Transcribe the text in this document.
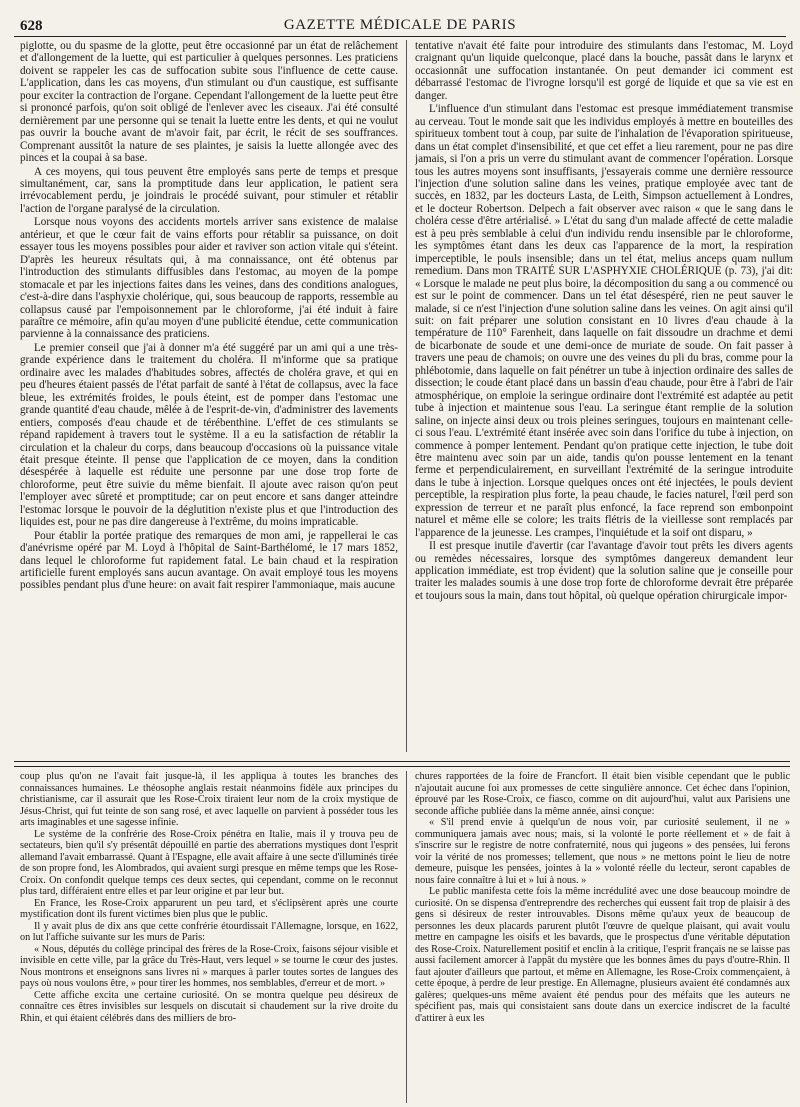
628	GAZETTE MÉDICALE DE PARIS

piglotte, ou du spasme de la glotte, peut être occasionné par un état de relâchement et d'allongement de la luette, qui est particulier à quelques personnes. Les praticiens doivent se rappeler les cas de suffocation subite sous l'influence de cette cause. L'application, dans les cas moyens, d'un stimulant ou d'un caustique, est suffisante pour exciter la contraction de l'organe. Cependant l'allongement de la luette peut être si prononcé parfois, qu'on soit obligé de l'enlever avec les ciseaux. J'ai été consulté dernièrement par une personne qui se tenait la luette entre les dents, et qui ne voulut pas ouvrir la bouche avant de m'avoir fait, par écrit, le récit de ses souffrances. Comprenant aussitôt la nature de ses plaintes, je saisis la luette allongée avec des pinces et la coupai à sa base.

A ces moyens, qui tous peuvent être employés sans perte de temps et presque simultanément, car, sans la promptitude dans leur application, le patient sera irrévocablement perdu, je joindrais le procédé suivant, pour stimuler et rétablir l'action de l'organe paralysé de la circulation.

Lorsque nous voyons des accidents mortels arriver sans existence de malaise antérieur, et que le cœur fait de vains efforts pour rétablir sa puissance, on doit essayer tous les moyens possibles pour aider et raviver son action vitale qui s'éteint. D'après les heureux résultats qui, à ma connaissance, ont été obtenus par l'introduction des stimulants diffusibles dans l'estomac, au moyen de la pompe stomacale et par les injections faites dans les veines, dans des conditions analogues, c'est-à-dire dans l'asphyxie cholérique, qui, sous beaucoup de rapports, ressemble au collapsus causé par l'empoisonnement par le chloroforme, j'ai été induit à faire paraître ce mémoire, afin qu'au moyen d'une publicité étendue, cette communication parvienne à la connaissance des praticiens.

Le premier conseil que j'ai à donner m'a été suggéré par un ami qui a une très-grande expérience dans le traitement du choléra. Il m'informe que sa pratique ordinaire avec les malades d'habitudes sobres, affectés de choléra grave, et qui en peu d'heures étaient passés de l'état parfait de santé à l'état de collapsus, avec la face bleue, les extrémités froides, le pouls éteint, est de pomper dans l'estomac une grande quantité d'eau chaude, mêlée à de l'esprit-de-vin, d'administrer des lavements entiers, composés d'eau chaude et de térébenthine. L'effet de ces stimulants se répand rapidement à travers tout le système. Il a eu la satisfaction de rétablir la circulation et la chaleur du corps, dans beaucoup d'occasions où la puissance vitale était presque éteinte. Il pense que l'application de ce moyen, dans la condition désespérée à laquelle est réduite une personne par une dose trop forte de chloroforme, peut être suivie du même bienfait. Il ajoute avec raison qu'on peut l'employer avec sûreté et promptitude; car on peut encore et sans danger atteindre l'estomac lorsque le pouvoir de la déglutition n'existe plus et que l'introduction des liquides est, pour ne pas dire dangereuse à l'extrême, du moins impraticable.

Pour établir la portée pratique des remarques de mon ami, je rappellerai le cas d'anévrisme opéré par M. Loyd à l'hôpital de Saint-Barthélomé, le 17 mars 1852, dans lequel le chloroforme fut rapidement fatal. Le bain chaud et la respiration artificielle furent employés sans aucun avantage. On avait employé tous les moyens possibles pendant plus d'une heure: on avait fait respirer l'ammoniaque, mais aucune

tentative n'avait été faite pour introduire des stimulants dans l'estomac, M. Loyd craignant qu'un liquide quelconque, placé dans la bouche, passât dans le larynx et occasionnât une suffocation instantanée. On peut demander ici comment est débarrassé l'estomac de l'ivrogne lorsqu'il est gorgé de liquide et que sa vie est en danger.

L'influence d'un stimulant dans l'estomac est presque immédiatement transmise au cerveau. Tout le monde sait que les individus employés à mettre en bouteilles des spiritueux tombent tout à coup, par suite de l'inhalation de l'évaporation spiritueuse, dans un état complet d'insensibilité, et que cet effet a lieu rarement, pour ne pas dire jamais, si l'on a pris un verre du stimulant avant de commencer l'opération. Lorsque tous les autres moyens sont insuffisants, j'essayerais comme une dernière ressource l'injection d'une solution saline dans les veines, pratique employée avec tant de succès, en 1832, par les docteurs Lasta, de Leith, Simpson actuellement à Londres, et le docteur Robertson. Delpech a fait observer avec raison « que le sang dans le choléra cesse d'être artérialisé. » L'état du sang d'un malade affecté de cette maladie est à peu près semblable à celui d'un individu rendu insensible par le chloroforme, les symptômes étant dans les deux cas l'apparence de la mort, la respiration imperceptible, le pouls insensible; dans un tel état, melius anceps quam nullum remedium. Dans mon TRAITÉ SUR L'ASPHYXIE CHOLÉRIQUE (p. 73), j'ai dit: « Lorsque le malade ne peut plus boire, la décomposition du sang a ou commencé ou est sur le point de commencer. Dans un tel état désespéré, rien ne peut sauver le malade, si ce n'est l'injection d'une solution saline dans les veines. On agit ainsi qu'il suit: on fait préparer une solution consistant en 10 livres d'eau chaude à la température de 110° Farenheit, dans laquelle on fait dissoudre un drachme et demi de bicarbonate de soude et une demi-once de muriate de soude. On fait passer à travers une peau de chamois; on ouvre une des veines du pli du bras, comme pour la phlébotomie, dans laquelle on fait pénétrer un tube à injection ordinaire des salles de dissection; le coude étant placé dans un bassin d'eau chaude, pour être à l'abri de l'air atmosphérique, on emploie la seringue ordinaire dont l'extrémité est adaptée au petit tube à injection et maintenue sous l'eau. La seringue étant remplie de la solution saline, on injecte ainsi deux ou trois pleines seringues, toujours en maintenant celle-ci sous l'eau. L'extrémité étant insérée avec soin dans l'orifice du tube à injection, on commence à pomper lentement. Pendant qu'on pratique cette injection, le tube doit être maintenu avec soin par un aide, tandis qu'on pousse lentement en la tenant ferme et perpendiculairement, en surveillant l'extrémité de la seringue introduite dans le tube à injection. Lorsque quelques onces ont été injectées, le pouls devient perceptible, la respiration plus forte, la peau chaude, le facies naturel, l'œil perd son expression de terreur et ne paraît plus enfoncé, la face reprend son embonpoint naturel et même elle se colore; les traits flétris de la vieillesse sont remplacés par l'apparence de la jeunesse. Les crampes, l'inquiétude et la soif ont disparu, »

Il est presque inutile d'avertir (car l'avantage d'avoir tout prêts les divers agents ou remèdes nécessaires, lorsque des symptômes dangereux demandent leur application immédiate, est trop évident) que la solution saline que je conseille pour traiter les malades soumis à une dose trop forte de chloroforme devrait être préparée et toujours sous la main, dans tout hôpital, où quelque opération chirurgicale impor-

coup plus qu'on ne l'avait fait jusque-là, il les appliqua à toutes les branches des connaissances humaines. Le théosophe anglais restait néanmoins fidèle aux principes du christianisme, car il assurait que les Rose-Croix tiraient leur nom de la croix mystique de Jésus-Christ, qui fut teinte de son sang rosé, et avec laquelle on parvient à posséder tous les arts imaginables et une sagesse infinie.

Le système de la confrérie des Rose-Croix pénétra en Italie, mais il y trouva peu de sectateurs, bien qu'il s'y présentât dépouillé en partie des aberrations mystiques dont l'esprit allemand l'avait embarrassé. Quant à l'Espagne, elle avait affaire à une secte d'illuminés tirée de son propre fond, les Alombrados, qui avaient surgi presque en même temps que les Rose-Croix. On confondit quelque temps ces deux sectes, qui cependant, comme on le reconnut plus tard, différaient entre elles et par leur origine et par leur but.

En France, les Rose-Croix apparurent un peu tard, et s'éclipsèrent après une courte mystification dont ils furent victimes bien plus que le public.

Il y avait plus de dix ans que cette confrérie étourdissait l'Allemagne, lorsque, en 1622, on lut l'affiche suivante sur les murs de Paris:

« Nous, députés du collège principal des frères de la Rose-Croix, faisons séjour visible et invisible en cette ville, par la grâce du Très-Haut, vers lequel » se tourne le cœur des justes. Nous montrons et enseignons sans livres ni » marques à parler toutes sortes de langues des pays où nous voulons être, » pour tirer les hommes, nos semblables, d'erreur et de mort. »

Cette affiche excita une certaine curiosité. On se montra quelque peu désireux de connaître ces êtres invisibles sur lesquels on discutait si chaudement sur la rive droite du Rhin, et qui étaient célébrés dans des milliers de bro-

chures rapportées de la foire de Francfort. Il était bien visible cependant que le public n'ajoutait aucune foi aux promesses de cette singulière annonce. Cet échec dans l'opinion, éprouvé par les Rose-Croix, ce fiasco, comme on dit aujourd'hui, valut aux Parisiens une seconde affiche publiée dans la même année, ainsi conçue:

« S'il prend envie à quelqu'un de nous voir, par curiosité seulement, il ne » communiquera jamais avec nous; mais, si la volonté le porte réellement et » de fait à s'inscrire sur le registre de notre confraternité, nous qui jugeons » des pensées, lui ferons voir la vérité de nos promesses; tellement, que nous » ne mettons point le lieu de notre demeure, puisque les pensées, jointes à la » volonté réelle du lecteur, seront capables de nous faire connaître à lui et » lui à nous. »

Le public manifesta cette fois la même incrédulité avec une dose beaucoup moindre de curiosité. On se dispensa d'entreprendre des recherches qui eussent fait trop de plaisir à des gens si désireux de rester introuvables. Disons même qu'aux yeux de beaucoup de personnes les deux placards parurent plutôt l'œuvre de quelque plaisant, qui avait voulu mettre en campagne les oisifs et les bavards, que le prospectus d'une véritable députation des Rose-Croix. Naturellement positif et enclin à la critique, l'esprit français ne se laisse pas aussi facilement amorcer à l'appât du mystère que les bonnes âmes du pays d'outre-Rhin. Il faut ajouter d'ailleurs que partout, et même en Allemagne, les Rose-Croix commençaient, à cette époque, à perdre de leur prestige. En Allemagne, plusieurs avaient été condamnés aux galères; quelques-uns même avaient été pendus pour des méfaits que les auteurs ne spécifient pas, mais qui consistaient sans doute dans un exercice indiscret de la faculté d'attirer à eux les
